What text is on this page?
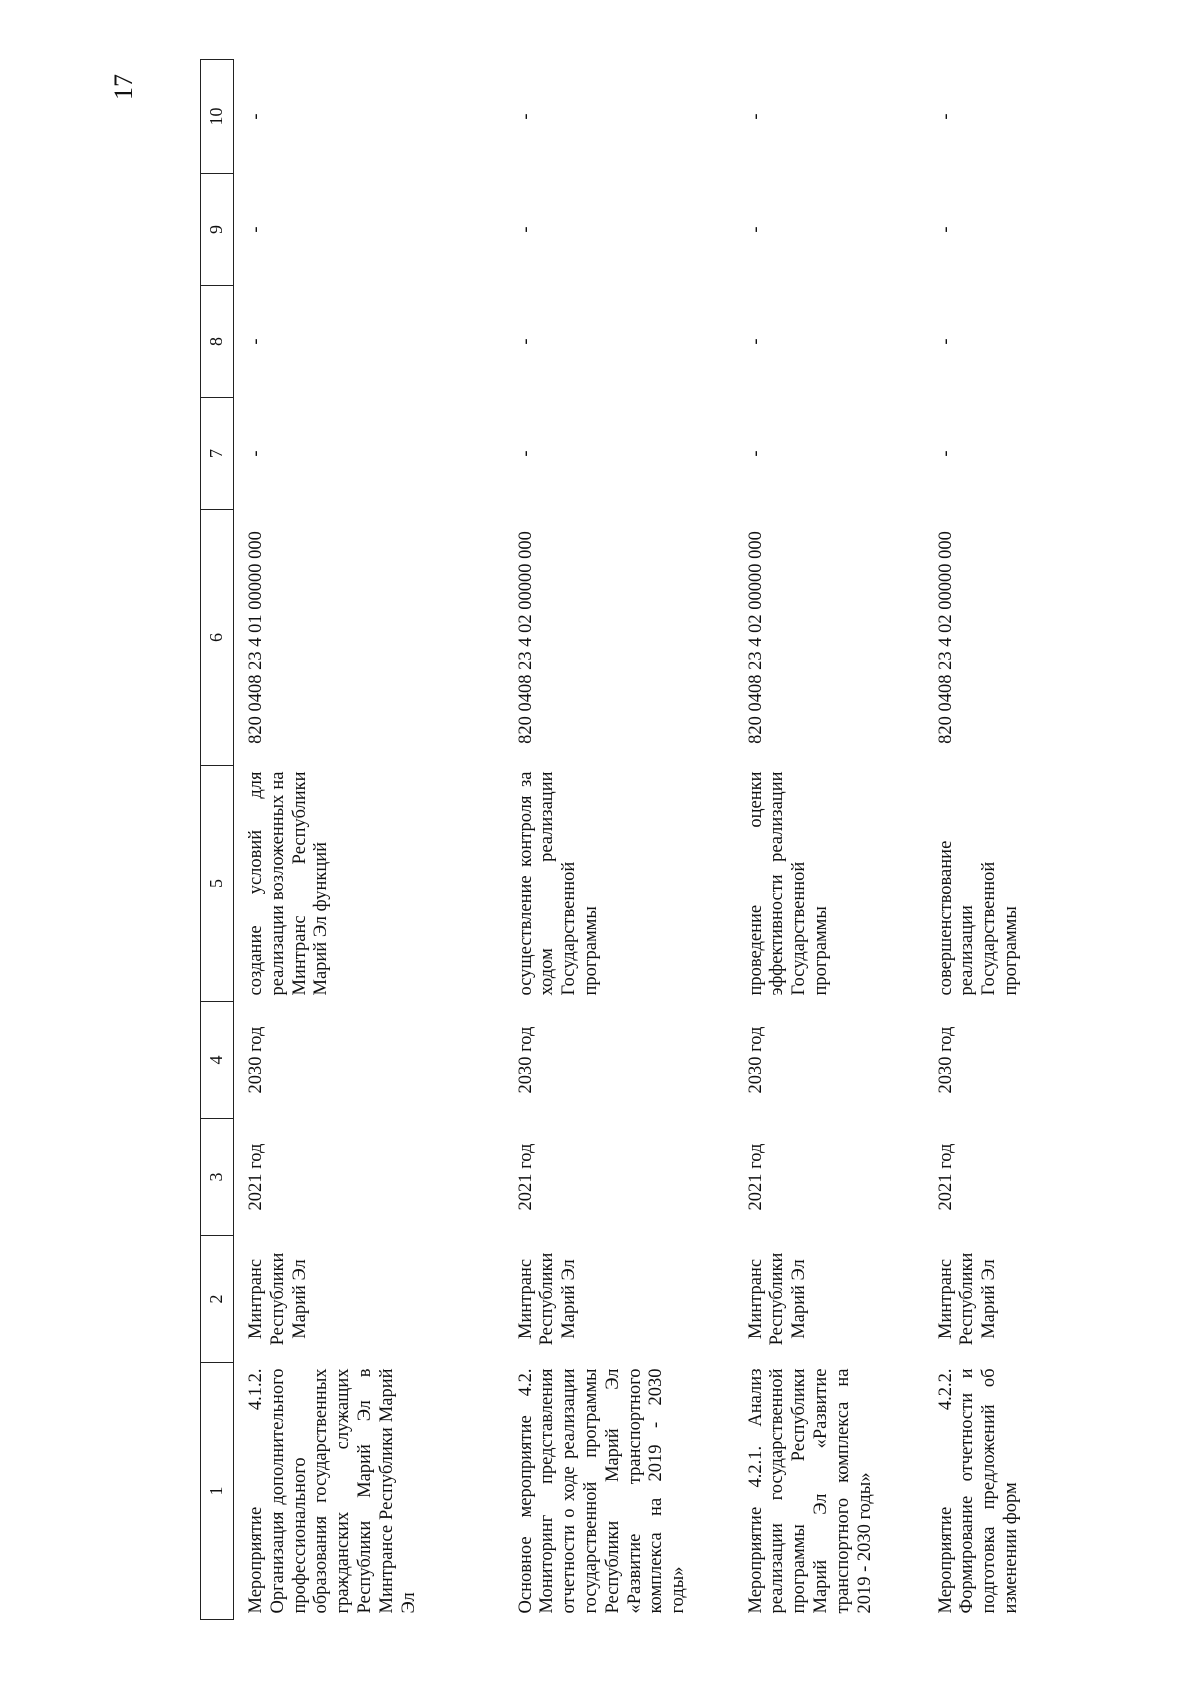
17
1	2	3	4	5	6	7	8	9	10
Мероприятие 4.1.2. Организация дополнительного профессионального образования государственных гражданских служащих Республики Марий Эл в Минтрансе Республики Марий Эл	Минтранс Республики Марий Эл	2021 год	2030 год	создание условий для реализации возложенных на Минтранс Республики Марий Эл функций	820 0408 23 4 01 00000 000	-	-	-	-
Основное мероприятие 4.2. Мониторинг представления отчетности о ходе реализации государственной программы Республики Марий Эл «Развитие транспортного комплекса на 2019 - 2030 годы»	Минтранс Республики Марий Эл	2021 год	2030 год	осуществление контроля за ходом реализации Государственной программы	820 0408 23 4 02 00000 000	-	-	-	-
Мероприятие 4.2.1. Анализ реализации государственной программы Республики Марий Эл «Развитие транспортного комплекса на 2019 - 2030 годы»	Минтранс Республики Марий Эл	2021 год	2030 год	проведение оценки эффективности реализации Государственной программы	820 0408 23 4 02 00000 000	-	-	-	-
Мероприятие 4.2.2. Формирование отчетности и подготовка предложений об изменении форм	Минтранс Республики Марий Эл	2021 год	2030 год	совершенствование реализации Государственной программы	820 0408 23 4 02 00000 000	-	-	-	-
